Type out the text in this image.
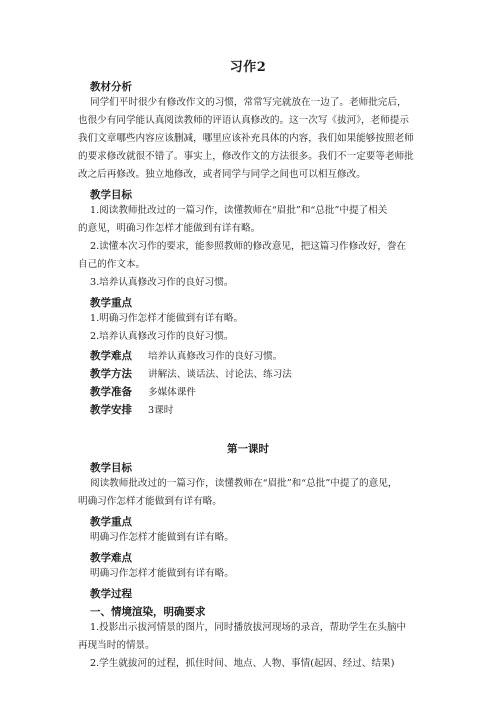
习作2
教材分析
同学们平时很少有修改作文的习惯，常常写完就放在一边了。老师批完后，
也很少有同学能认真阅读教师的评语认真修改的。这一次写《拔河》，老师提示
我们文章哪些内容应该删减，哪里应该补充具体的内容，我们如果能够按照老师
的要求修改就很不错了。事实上，修改作文的方法很多。我们不一定要等老师批
改之后再修改。独立地修改，或者同学与同学之间也可以相互修改。
教学目标
1.阅读教师批改过的一篇习作，读懂教师在“眉批”和“总批”中提了相关
的意见，明确习作怎样才能做到有详有略。
2.读懂本次习作的要求，能参照教师的修改意见，把这篇习作修改好，誊在
自己的作文本。
3.培养认真修改习作的良好习惯。
教学重点
1.明确习作怎样才能做到有详有略。
2.培养认真修改习作的良好习惯。
教学难点 培养认真修改习作的良好习惯。
教学方法 讲解法、谈话法、讨论法、练习法
教学准备 多媒体课件
教学安排 3课时
第一课时
教学目标
阅读教师批改过的一篇习作，读懂教师在“眉批”和“总批”中提了的意见，
明确习作怎样才能做到有详有略。
教学重点
明确习作怎样才能做到有详有略。
教学难点
明确习作怎样才能做到有详有略。
教学过程
一、情境渲染，明确要求
1.投影出示拔河情景的图片，同时播放拔河现场的录音，帮助学生在头脑中
再现当时的情景。
2.学生就拔河的过程，抓住时间、地点、人物、事情(起因、经过、结果)
